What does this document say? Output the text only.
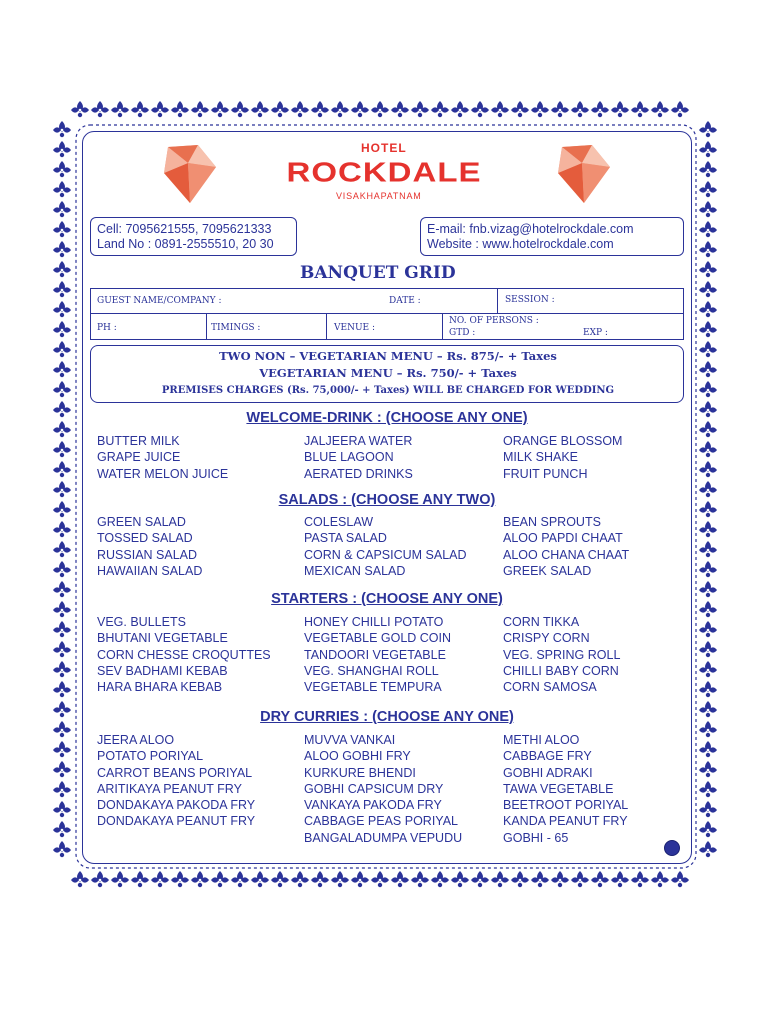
HOTEL
ROCKDALE
VISAKHAPATNAM
Cell: 7095621555, 7095621333
Land No : 0891-2555510, 20 30
E-mail: fnb.vizag@hotelrockdale.com
Website : www.hotelrockdale.com
BANQUET GRID
GUEST NAME/COMPANY :	DATE :	SESSION :
PH :	TIMINGS :	VENUE :
NO. OF PERSONS :
GTD :	EXP :
TWO NON – VEGETARIAN MENU – Rs. 875/- + Taxes
VEGETARIAN MENU – Rs. 750/- + Taxes
PREMISES CHARGES (Rs. 75,000/- + Taxes) WILL BE CHARGED FOR WEDDING
WELCOME-DRINK : (CHOOSE ANY ONE)
BUTTER MILK
GRAPE JUICE
WATER MELON JUICE
JALJEERA WATER
BLUE LAGOON
AERATED DRINKS
ORANGE BLOSSOM
MILK SHAKE
FRUIT PUNCH
SALADS : (CHOOSE ANY TWO)
GREEN SALAD
TOSSED SALAD
RUSSIAN SALAD
HAWAIIAN SALAD
COLESLAW
PASTA SALAD
CORN & CAPSICUM SALAD
MEXICAN SALAD
BEAN SPROUTS
ALOO PAPDI CHAAT
ALOO CHANA CHAAT
GREEK SALAD
STARTERS : (CHOOSE ANY ONE)
VEG. BULLETS
BHUTANI VEGETABLE
CORN CHESSE CROQUTTES
SEV BADHAMI KEBAB
HARA BHARA KEBAB
HONEY CHILLI POTATO
VEGETABLE GOLD COIN
TANDOORI VEGETABLE
VEG. SHANGHAI ROLL
VEGETABLE TEMPURA
CORN TIKKA
CRISPY CORN
VEG. SPRING ROLL
CHILLI BABY CORN
CORN SAMOSA
DRY CURRIES : (CHOOSE ANY ONE)
JEERA ALOO
POTATO PORIYAL
CARROT BEANS PORIYAL
ARITIKAYA PEANUT FRY
DONDAKAYA PAKODA FRY
DONDAKAYA PEANUT FRY
MUVVA VANKAI
ALOO GOBHI FRY
KURKURE BHENDI
GOBHI CAPSICUM DRY
VANKAYA PAKODA FRY
CABBAGE PEAS PORIYAL
BANGALADUMPA VEPUDU
METHI ALOO
CABBAGE FRY
GOBHI ADRAKI
TAWA VEGETABLE
BEETROOT PORIYAL
KANDA PEANUT FRY
GOBHI - 65
